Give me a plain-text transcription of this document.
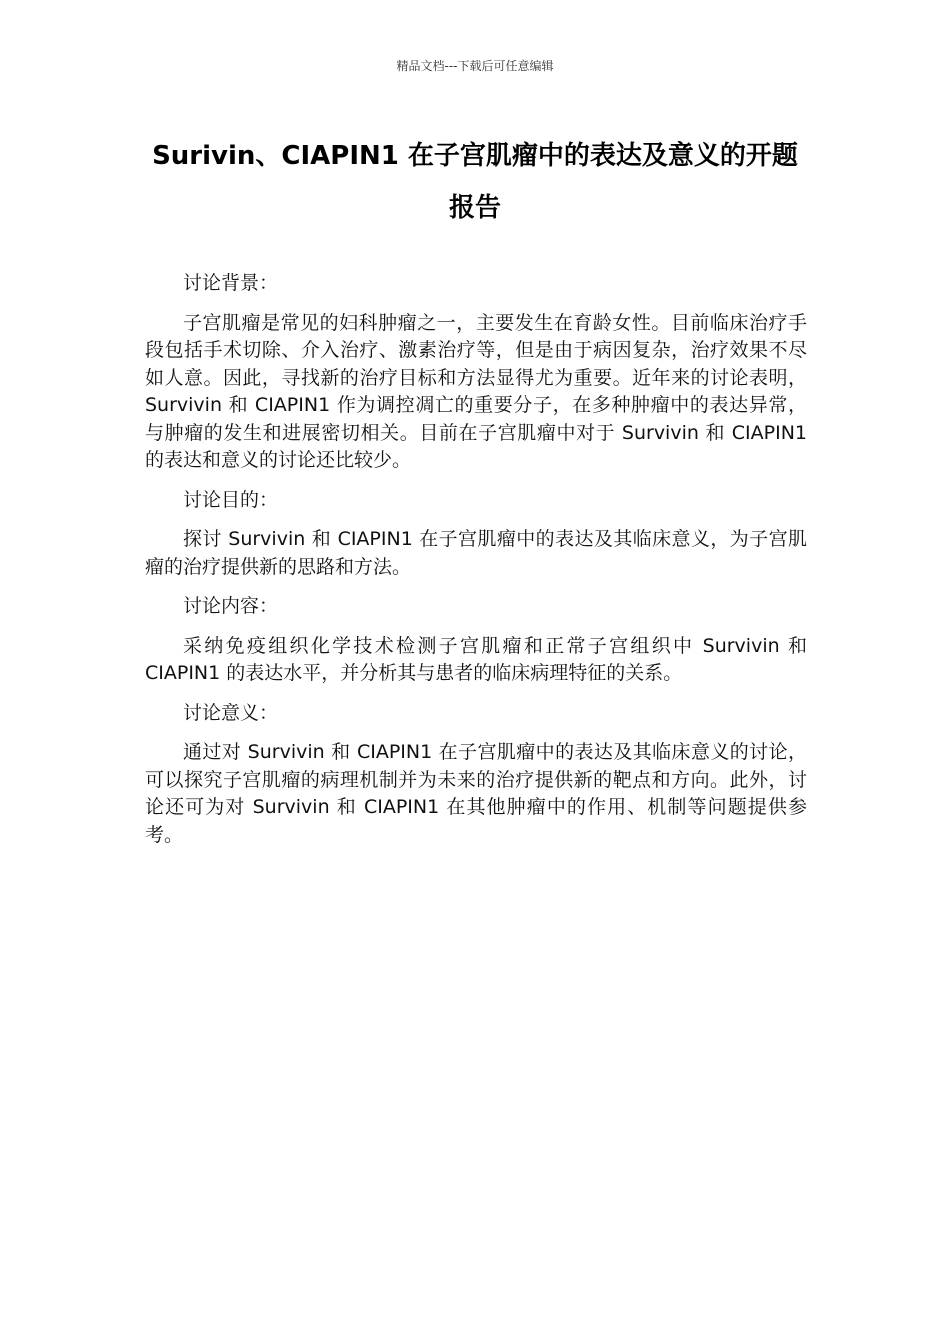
精品文档---下载后可任意编辑
Surivin、CIAPIN1 在子宫肌瘤中的表达及意义的开题报告

讨论背景：

子宫肌瘤是常见的妇科肿瘤之一，主要发生在育龄女性。目前临床治疗手段包括手术切除、介入治疗、激素治疗等，但是由于病因复杂，治疗效果不尽如人意。因此，寻找新的治疗目标和方法显得尤为重要。近年来的讨论表明，Survivin 和 CIAPIN1 作为调控凋亡的重要分子，在多种肿瘤中的表达异常，与肿瘤的发生和进展密切相关。目前在子宫肌瘤中对于 Survivin 和 CIAPIN1 的表达和意义的讨论还比较少。

讨论目的：

探讨 Survivin 和 CIAPIN1 在子宫肌瘤中的表达及其临床意义，为子宫肌瘤的治疗提供新的思路和方法。

讨论内容：

采纳免疫组织化学技术检测子宫肌瘤和正常子宫组织中 Survivin 和 CIAPIN1 的表达水平，并分析其与患者的临床病理特征的关系。

讨论意义：

通过对 Survivin 和 CIAPIN1 在子宫肌瘤中的表达及其临床意义的讨论，可以探究子宫肌瘤的病理机制并为未来的治疗提供新的靶点和方向。此外，讨论还可为对 Survivin 和 CIAPIN1 在其他肿瘤中的作用、机制等问题提供参考。
